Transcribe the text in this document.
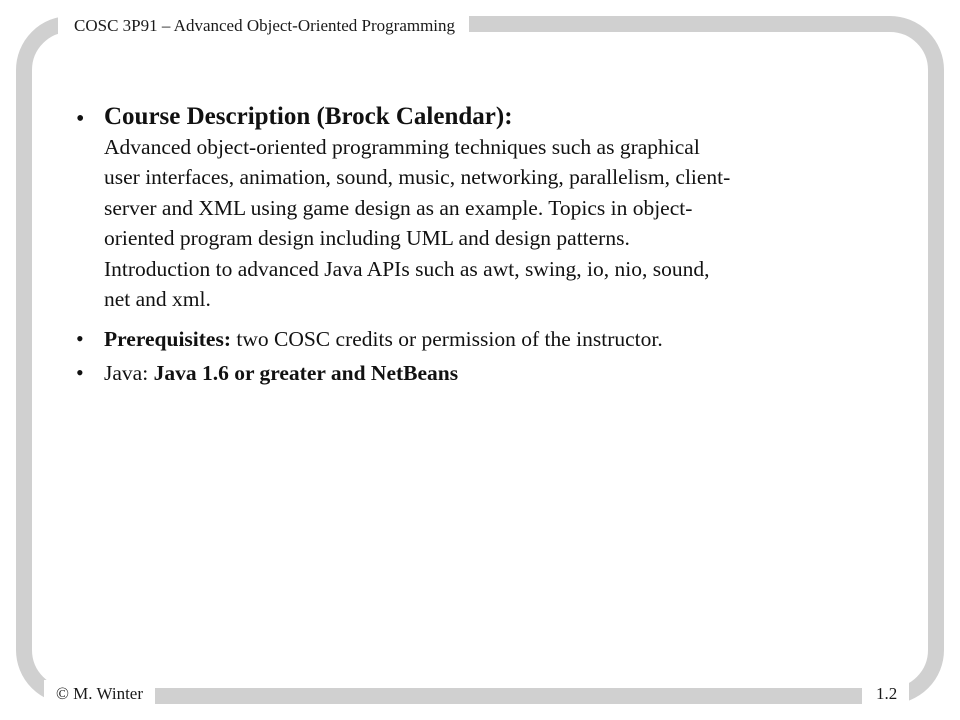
COSC 3P91 – Advanced Object-Oriented Programming
• Course Description (Brock Calendar):
Advanced object-oriented programming techniques such as graphical
user interfaces, animation, sound, music, networking, parallelism, client-
server and XML using game design as an example. Topics in object-
oriented program design including UML and design patterns.
Introduction to advanced Java APIs such as awt, swing, io, nio, sound,
net and xml.
• Prerequisites: two COSC credits or permission of the instructor.
• Java: Java 1.6 or greater and NetBeans
© M. Winter	1.2
